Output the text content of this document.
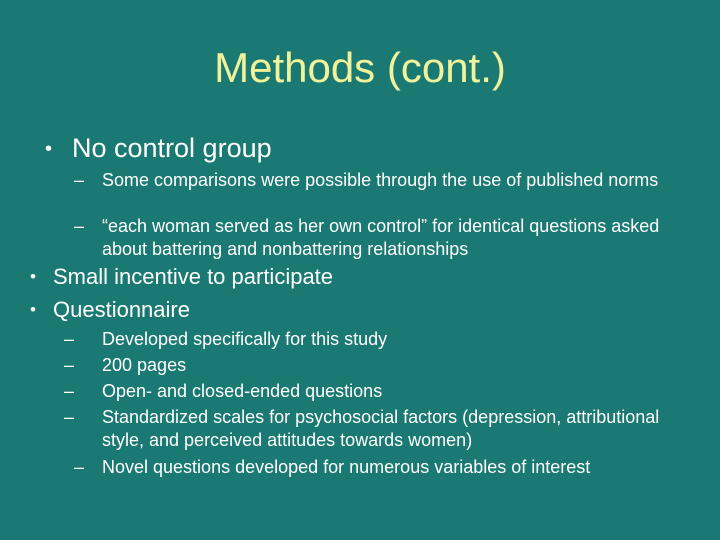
Methods (cont.)
• No control group
– Some comparisons were possible through the use of published norms
– “each woman served as her own control” for identical questions asked about battering and nonbattering relationships
• Small incentive to participate
• Questionnaire
– Developed specifically for this study
– 200 pages
– Open- and closed-ended questions
– Standardized scales for psychosocial factors (depression, attributional style, and perceived attitudes towards women)
– Novel questions developed for numerous variables of interest
